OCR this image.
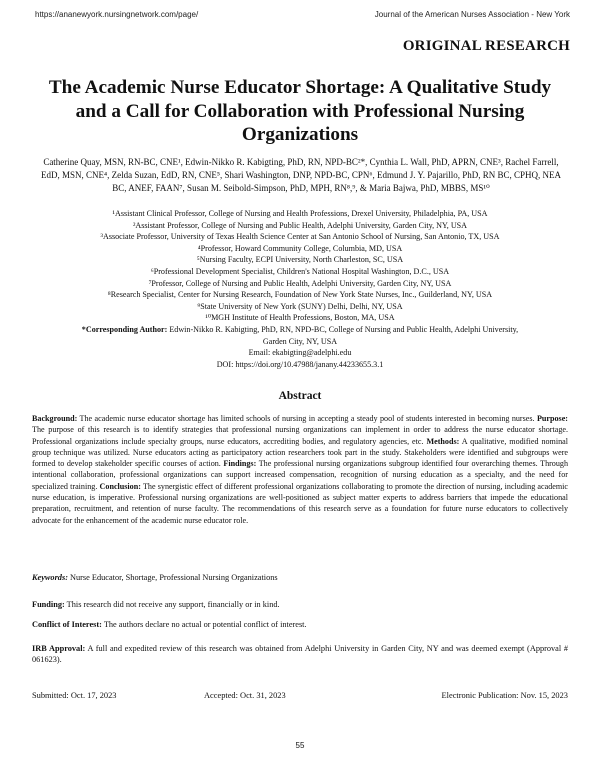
https://ananewyork.nursingnetwork.com/page/	Journal of the American Nurses Association - New York
ORIGINAL RESEARCH
The Academic Nurse Educator Shortage: A Qualitative Study and a Call for Collaboration with Professional Nursing Organizations
Catherine Quay, MSN, RN-BC, CNE¹, Edwin-Nikko R. Kabigting, PhD, RN, NPD-BC²*, Cynthia L. Wall, PhD, APRN, CNE³, Rachel Farrell, EdD, MSN, CNE⁴, Zelda Suzan, EdD, RN, CNE⁵, Shari Washington, DNP, NPD-BC, CPN⁶, Edmund J. Y. Pajarillo, PhD, RN BC, CPHQ, NEA BC, ANEF, FAAN⁷, Susan M. Seibold-Simpson, PhD, MPH, RN⁸,⁹, & Maria Bajwa, PhD, MBBS, MS¹⁰
¹Assistant Clinical Professor, College of Nursing and Health Professions, Drexel University, Philadelphia, PA, USA
²Assistant Professor, College of Nursing and Public Health, Adelphi University, Garden City, NY, USA
³Associate Professor, University of Texas Health Science Center at San Antonio School of Nursing, San Antonio, TX, USA
⁴Professor, Howard Community College, Columbia, MD, USA
⁵Nursing Faculty, ECPI University, North Charleston, SC, USA
⁶Professional Development Specialist, Children's National Hospital Washington, D.C., USA
⁷Professor, College of Nursing and Public Health, Adelphi University, Garden City, NY, USA
⁸Research Specialist, Center for Nursing Research, Foundation of New York State Nurses, Inc., Guilderland, NY, USA
⁹State University of New York (SUNY) Delhi, Delhi, NY, USA
¹⁰MGH Institute of Health Professions, Boston, MA, USA
*Corresponding Author: Edwin-Nikko R. Kabigting, PhD, RN, NPD-BC, College of Nursing and Public Health, Adelphi University, Garden City, NY, USA
Email: ekabigting@adelphi.edu
DOI: https://doi.org/10.47988/janany.44233655.3.1
Abstract
Background: The academic nurse educator shortage has limited schools of nursing in accepting a steady pool of students interested in becoming nurses. Purpose: The purpose of this research is to identify strategies that professional nursing organizations can implement in order to address the nurse educator shortage. Professional organizations include specialty groups, nurse educators, accrediting bodies, and regulatory agencies, etc. Methods: A qualitative, modified nominal group technique was utilized. Nurse educators acting as participatory action researchers took part in the study. Stakeholders were identified and subgroups were formed to develop stakeholder specific courses of action. Findings: The professional nursing organizations subgroup identified four overarching themes. Through intentional collaboration, professional organizations can support increased compensation, recognition of nursing education as a specialty, and the need for specialized training. Conclusion: The synergistic effect of different professional organizations collaborating to promote the direction of nursing, including academic nurse education, is imperative. Professional nursing organizations are well-positioned as subject matter experts to address barriers that impede the educational preparation, recruitment, and retention of nurse faculty. The recommendations of this research serve as a foundation for future nurse educators to collectively advocate for the enhancement of the academic nurse educator role.
Keywords: Nurse Educator, Shortage, Professional Nursing Organizations
Funding: This research did not receive any support, financially or in kind.
Conflict of Interest: The authors declare no actual or potential conflict of interest.
IRB Approval: A full and expedited review of this research was obtained from Adelphi University in Garden City, NY and was deemed exempt (Approval # 061623).
Submitted: Oct. 17, 2023	Accepted: Oct. 31, 2023	Electronic Publication: Nov. 15, 2023
55
